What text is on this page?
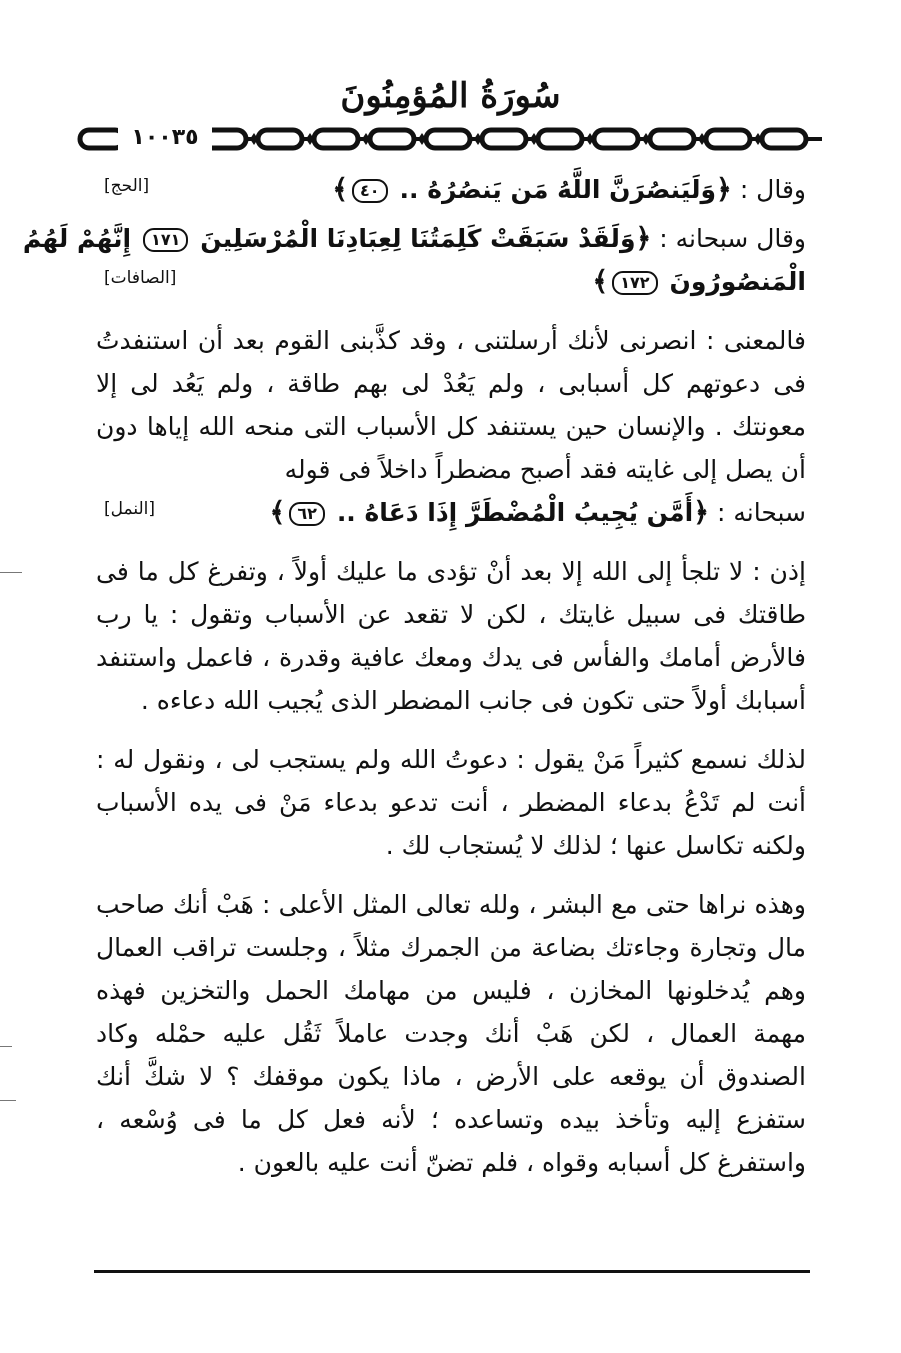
سُورَةُ المُؤمِنُونَ
١٠٠٣٥
وقال : ﴿وَلَيَنصُرَنَّ اللَّهُ مَن يَنصُرُهُ .. ٤٠﴾
[الحج]
وقال سبحانه : ﴿وَلَقَدْ سَبَقَتْ كَلِمَتُنَا لِعِبَادِنَا الْمُرْسَلِينَ ١٧١ إِنَّهُمْ لَهُمُ
الْمَنصُورُونَ ١٧٢﴾
[الصافات]

فالمعنى : انصرنى لأنك أرسلتنى ، وقد كذَّبنى القوم بعد أن استنفدتُ فى دعوتهم كل أسبابى ، ولم يَعُدْ لى بهم طاقة ، ولم يَعُد لى إلا معونتك . والإنسان حين يستنفد كل الأسباب التى منحه الله إياها دون أن يصل إلى غايته فقد أصبح مضطراً داخلاً فى قوله

سبحانه : ﴿أَمَّن يُجِيبُ الْمُضْطَرَّ إِذَا دَعَاهُ .. ٦٢﴾
[النمل]

إذن : لا تلجأ إلى الله إلا بعد أنْ تؤدى ما عليك أولاً ، وتفرغ كل ما فى طاقتك فى سبيل غايتك ، لكن لا تقعد عن الأسباب وتقول : يا رب فالأرض أمامك والفأس فى يدك ومعك عافية وقدرة ، فاعمل واستنفد أسبابك أولاً حتى تكون فى جانب المضطر الذى يُجيب الله دعاءه .

لذلك نسمع كثيراً مَنْ يقول : دعوتُ الله ولم يستجب لى ، ونقول له : أنت لم تَدْعُ بدعاء المضطر ، أنت تدعو بدعاء مَنْ فى يده الأسباب ولكنه تكاسل عنها ؛ لذلك لا يُستجاب لك .

وهذه نراها حتى مع البشر ، ولله تعالى المثل الأعلى : هَبْ أنك صاحب مال وتجارة وجاءتك بضاعة من الجمرك مثلاً ، وجلست تراقب العمال وهم يُدخلونها المخازن ، فليس من مهامك الحمل والتخزين فهذه مهمة العمال ، لكن هَبْ أنك وجدت عاملاً ثَقُل عليه حمْله وكاد الصندوق أن يوقعه على الأرض ، ماذا يكون موقفك ؟ لا شكَّ أنك ستفزع إليه وتأخذ بيده وتساعده ؛ لأنه فعل كل ما فى وُسْعه ، واستفرغ كل أسبابه وقواه ، فلم تضنّ أنت عليه بالعون .
